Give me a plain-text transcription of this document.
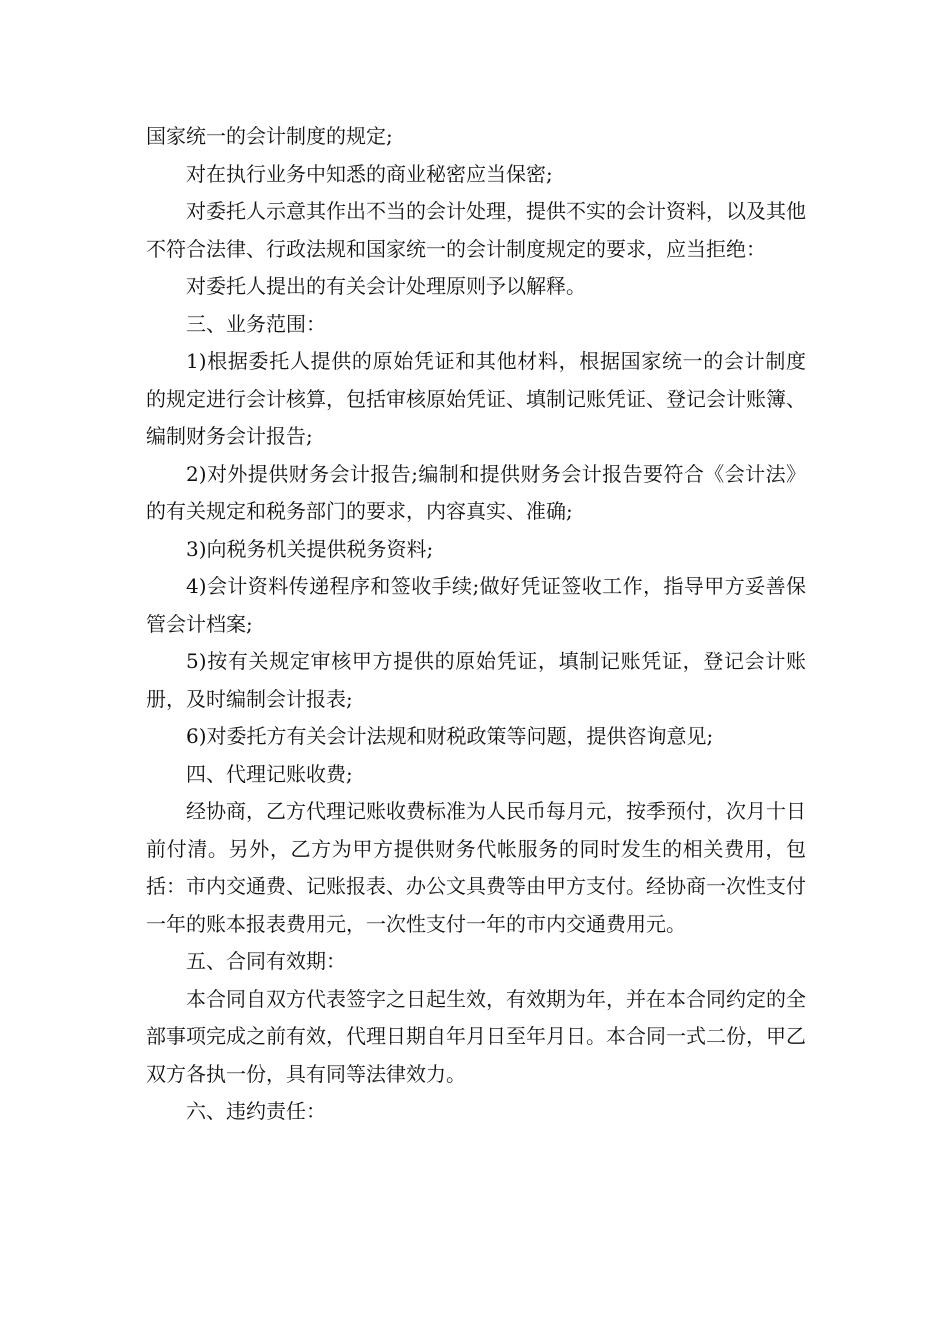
国家统一的会计制度的规定;

对在执行业务中知悉的商业秘密应当保密;

对委托人示意其作出不当的会计处理，提供不实的会计资料，以及其他不符合法律、行政法规和国家统一的会计制度规定的要求，应当拒绝：

对委托人提出的有关会计处理原则予以解释。

三、业务范围：

1)根据委托人提供的原始凭证和其他材料，根据国家统一的会计制度的规定进行会计核算，包括审核原始凭证、填制记账凭证、登记会计账簿、编制财务会计报告;

2)对外提供财务会计报告;编制和提供财务会计报告要符合《会计法》的有关规定和税务部门的要求，内容真实、准确;

3)向税务机关提供税务资料;

4)会计资料传递程序和签收手续;做好凭证签收工作，指导甲方妥善保管会计档案;

5)按有关规定审核甲方提供的原始凭证，填制记账凭证，登记会计账册，及时编制会计报表;

6)对委托方有关会计法规和财税政策等问题，提供咨询意见;

四、代理记账收费;

经协商，乙方代理记账收费标准为人民币每月元，按季预付，次月十日前付清。另外，乙方为甲方提供财务代帐服务的同时发生的相关费用，包括：市内交通费、记账报表、办公文具费等由甲方支付。经协商一次性支付一年的账本报表费用元，一次性支付一年的市内交通费用元。

五、合同有效期：

本合同自双方代表签字之日起生效，有效期为年，并在本合同约定的全部事项完成之前有效，代理日期自年月日至年月日。本合同一式二份，甲乙双方各执一份，具有同等法律效力。

六、违约责任：
